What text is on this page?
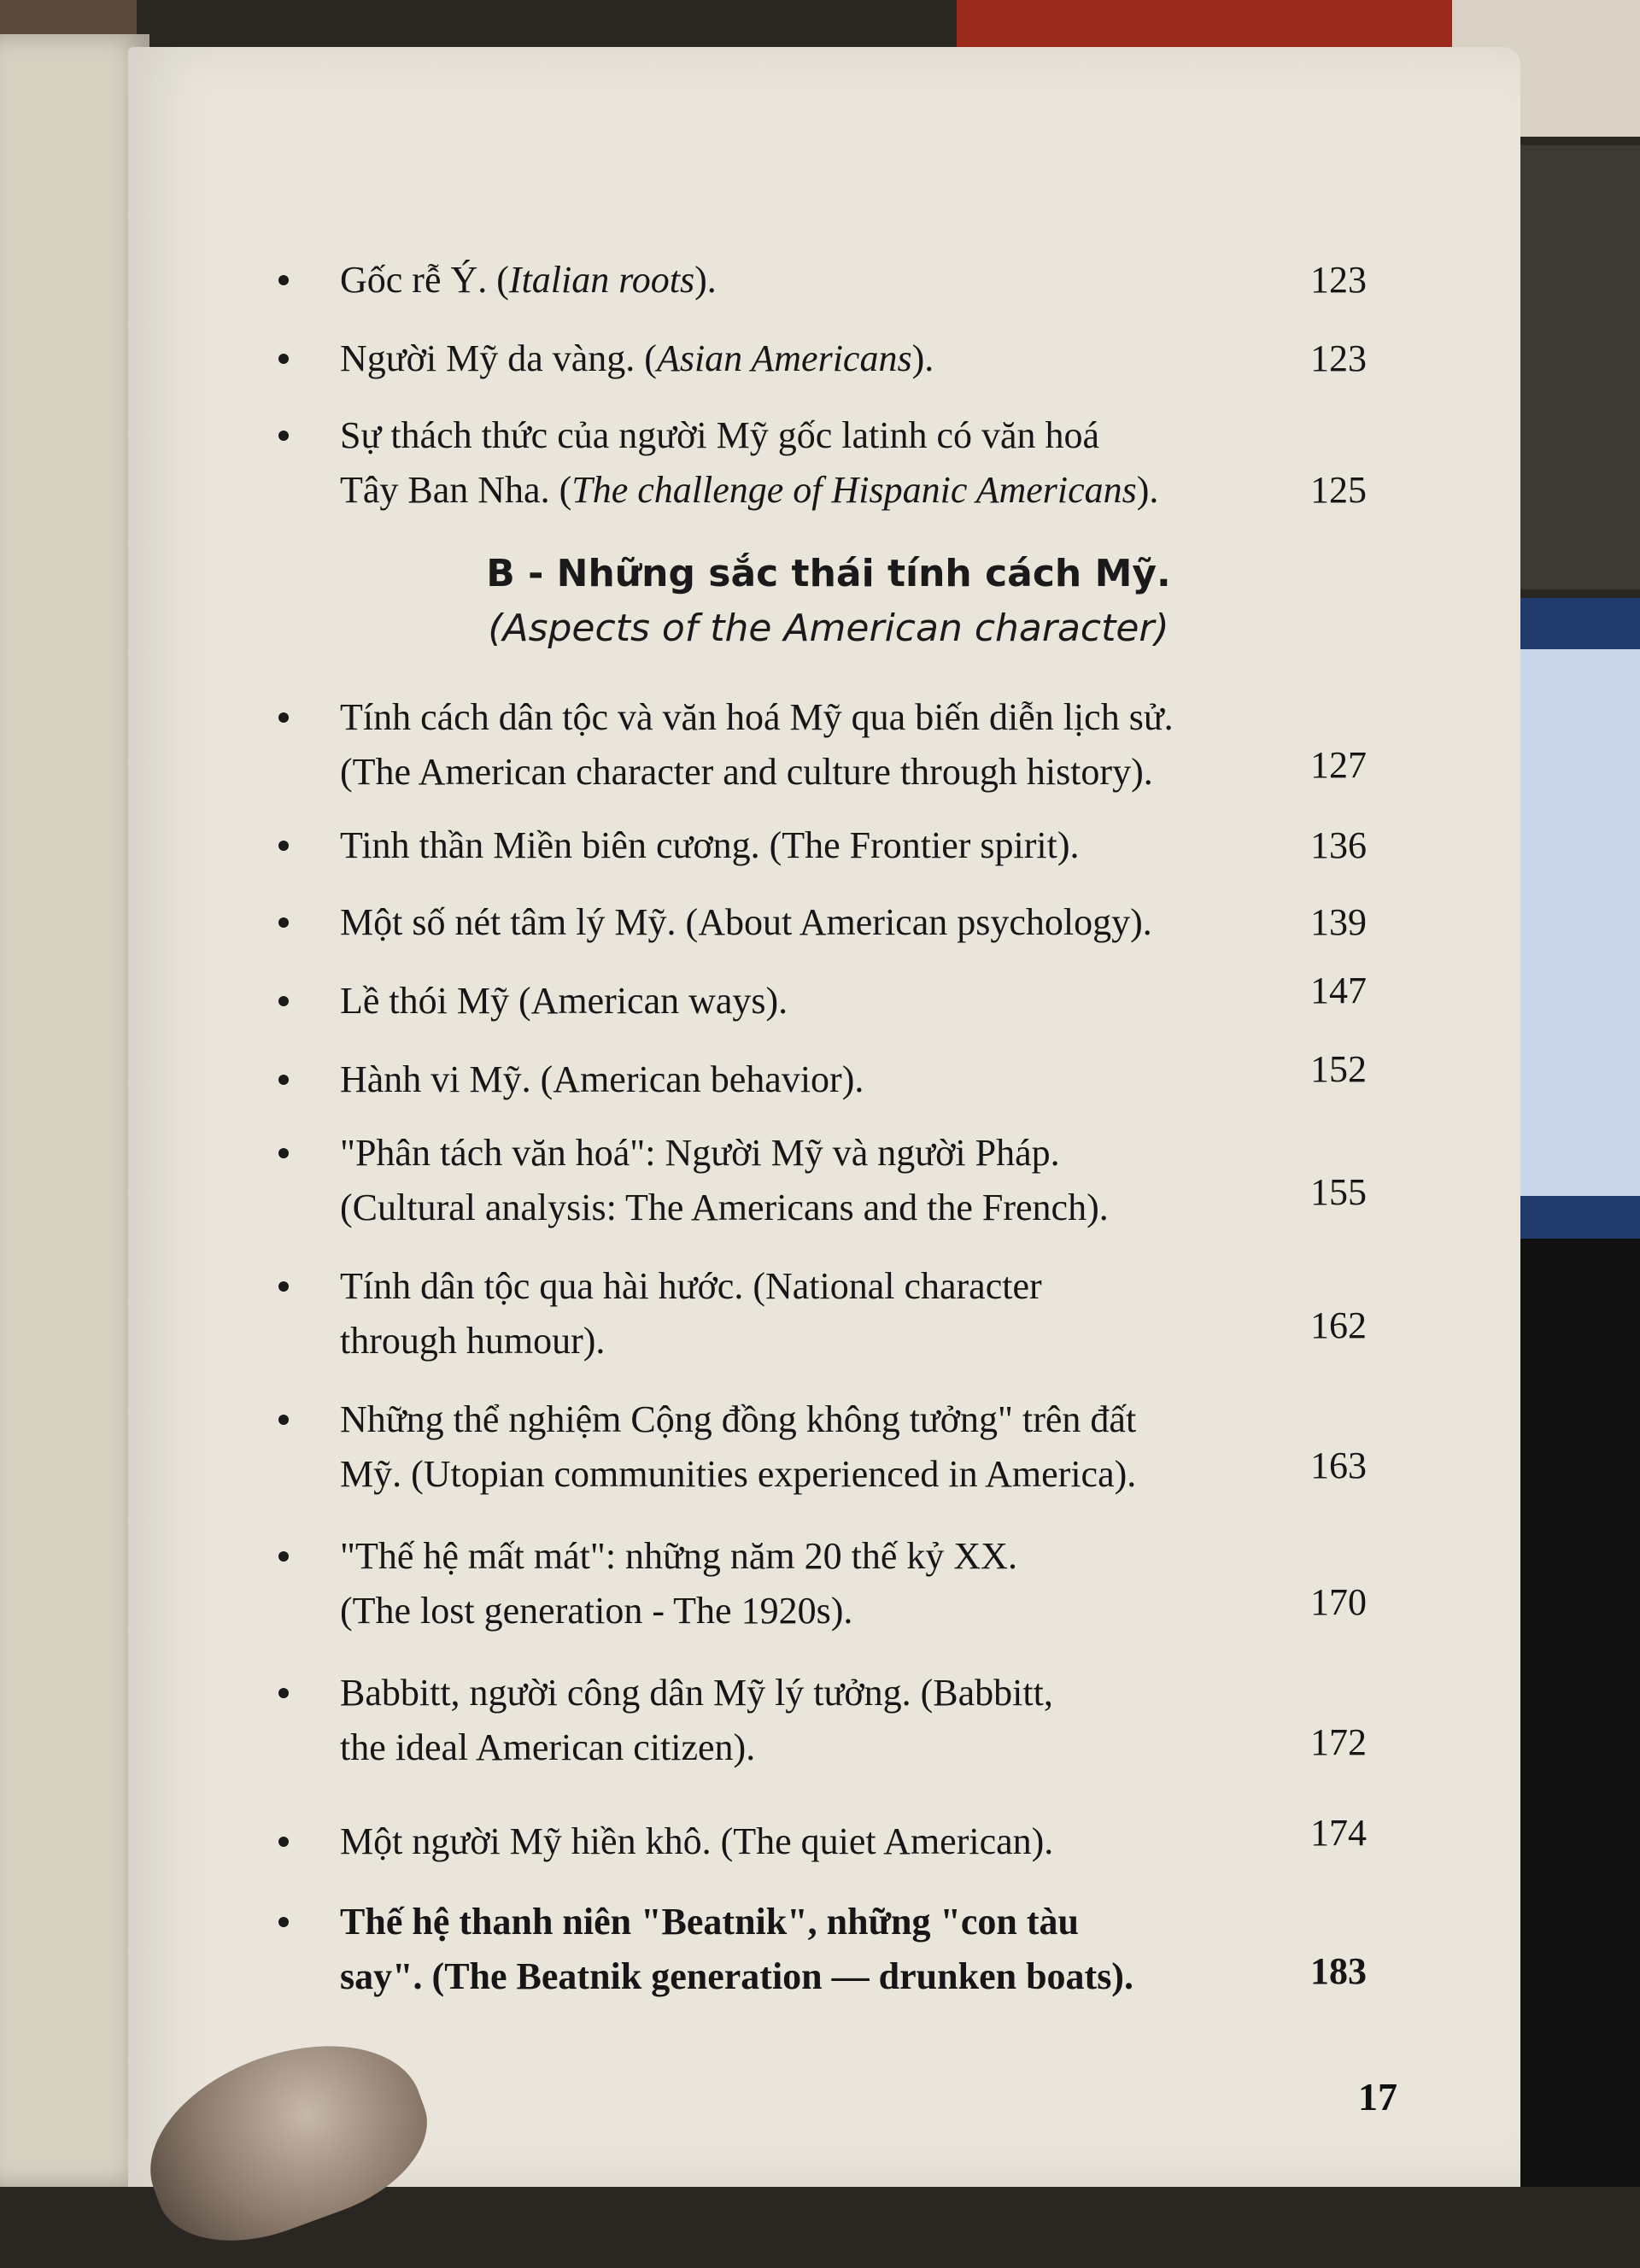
Gốc rễ Ý. (Italian roots).	123
Người Mỹ da vàng. (Asian Americans).	123
Sự thách thức của người Mỹ gốc latinh có văn hoá
Tây Ban Nha. (The challenge of Hispanic Americans).	125
B - Những sắc thái tính cách Mỹ.
(Aspects of the American character)
Tính cách dân tộc và văn hoá Mỹ qua biến diễn lịch sử.
(The American character and culture through history).	127
Tinh thần Miền biên cương. (The Frontier spirit).	136
Một số nét tâm lý Mỹ. (About American psychology).	139
Lề thói Mỹ (American ways).	147
Hành vi Mỹ. (American behavior).	152
"Phân tách văn hoá": Người Mỹ và người Pháp.
(Cultural analysis: The Americans and the French).	155
Tính dân tộc qua hài hước. (National character
through humour).	162
Những thể nghiệm Cộng đồng không tưởng" trên đất
Mỹ. (Utopian communities experienced in America).	163
"Thế hệ mất mát": những năm 20 thế kỷ XX.
(The lost generation - The 1920s).	170
Babbitt, người công dân Mỹ lý tưởng. (Babbitt,
the ideal American citizen).	172
Một người Mỹ hiền khô. (The quiet American).	174
Thế hệ thanh niên "Beatnik", những "con tàu
say". (The Beatnik generation — drunken boats).	183
17
